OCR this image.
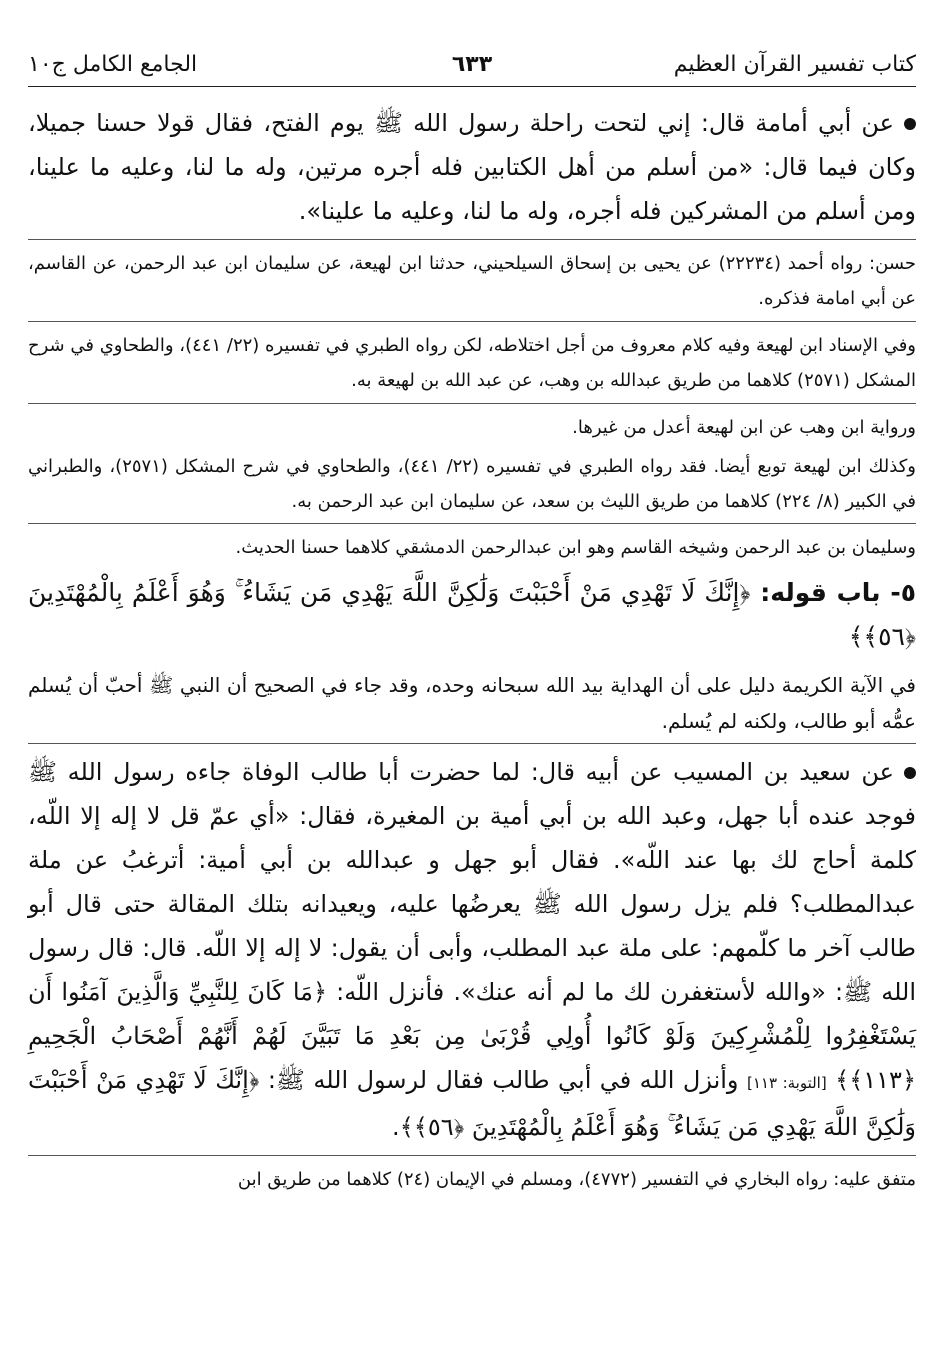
كتاب تفسير القرآن العظيم
٦٣٣
الجامع الكامل ج١٠

عن أبي أمامة قال: إني لتحت راحلة رسول الله ﷺ يوم الفتح، فقال قولا حسنا جميلا، وكان فيما قال: «من أسلم من أهل الكتابين فله أجره مرتين، وله ما لنا، وعليه ما علينا، ومن أسلم من المشركين فله أجره، وله ما لنا، وعليه ما علينا».

حسن: رواه أحمد (٢٢٢٣٤) عن يحيى بن إسحاق السيلحيني، حدثنا ابن لهيعة، عن سليمان ابن عبد الرحمن، عن القاسم، عن أبي امامة فذكره.

وفي الإسناد ابن لهيعة وفيه كلام معروف من أجل اختلاطه، لكن رواه الطبري في تفسيره (٢٢/ ٤٤١)، والطحاوي في شرح المشكل (٢٥٧١) كلاهما من طريق عبدالله بن وهب، عن عبد الله بن لهيعة به.

ورواية ابن وهب عن ابن لهيعة أعدل من غيرها.

وكذلك ابن لهيعة توبع أيضا. فقد رواه الطبري في تفسيره (٢٢/ ٤٤١)، والطحاوي في شرح المشكل (٢٥٧١)، والطبراني في الكبير (٨/ ٢٢٤) كلاهما من طريق الليث بن سعد، عن سليمان ابن عبد الرحمن به.

وسليمان بن عبد الرحمن وشيخه القاسم وهو ابن عبدالرحمن الدمشقي كلاهما حسنا الحديث.

٥- باب قوله: ﴿إِنَّكَ لَا تَهْدِي مَنْ أَحْبَبْتَ وَلَٰكِنَّ اللَّهَ يَهْدِي مَن يَشَاءُ ۚ وَهُوَ أَعْلَمُ بِالْمُهْتَدِينَ ﴿٥٦﴾﴾

في الآية الكريمة دليل على أن الهداية بيد الله سبحانه وحده، وقد جاء في الصحيح أن النبي ﷺ أحبّ أن يُسلم عمُّه أبو طالب، ولكنه لم يُسلم.

عن سعيد بن المسيب عن أبيه قال: لما حضرت أبا طالب الوفاة جاءه رسول الله ﷺ فوجد عنده أبا جهل، وعبد الله بن أبي أمية بن المغيرة، فقال: «أي عمّ قل لا إله إلا اللّه، كلمة أحاج لك بها عند اللّه». فقال أبو جهل و عبدالله بن أبي أمية: أترغبُ عن ملة عبدالمطلب؟ فلم يزل رسول الله ﷺ يعرضُها عليه، ويعيدانه بتلك المقالة حتى قال أبو طالب آخر ما كلّمهم: على ملة عبد المطلب، وأبى أن يقول: لا إله إلا اللّه. قال: قال رسول الله ﷺ: «والله لأستغفرن لك ما لم أنه عنك». فأنزل اللّه: ﴿مَا كَانَ لِلنَّبِيِّ وَالَّذِينَ آمَنُوا أَن يَسْتَغْفِرُوا لِلْمُشْرِكِينَ وَلَوْ كَانُوا أُولِي قُرْبَىٰ مِن بَعْدِ مَا تَبَيَّنَ لَهُمْ أَنَّهُمْ أَصْحَابُ الْجَحِيمِ ﴿١١٣﴾﴾ [التوبة: ١١٣] وأنزل الله في أبي طالب فقال لرسول الله ﷺ: ﴿إِنَّكَ لَا تَهْدِي مَنْ أَحْبَبْتَ وَلَٰكِنَّ اللَّهَ يَهْدِي مَن يَشَاءُ ۚ وَهُوَ أَعْلَمُ بِالْمُهْتَدِينَ ﴿٥٦﴾﴾.

متفق عليه: رواه البخاري في التفسير (٤٧٧٢)، ومسلم في الإيمان (٢٤) كلاهما من طريق ابن
